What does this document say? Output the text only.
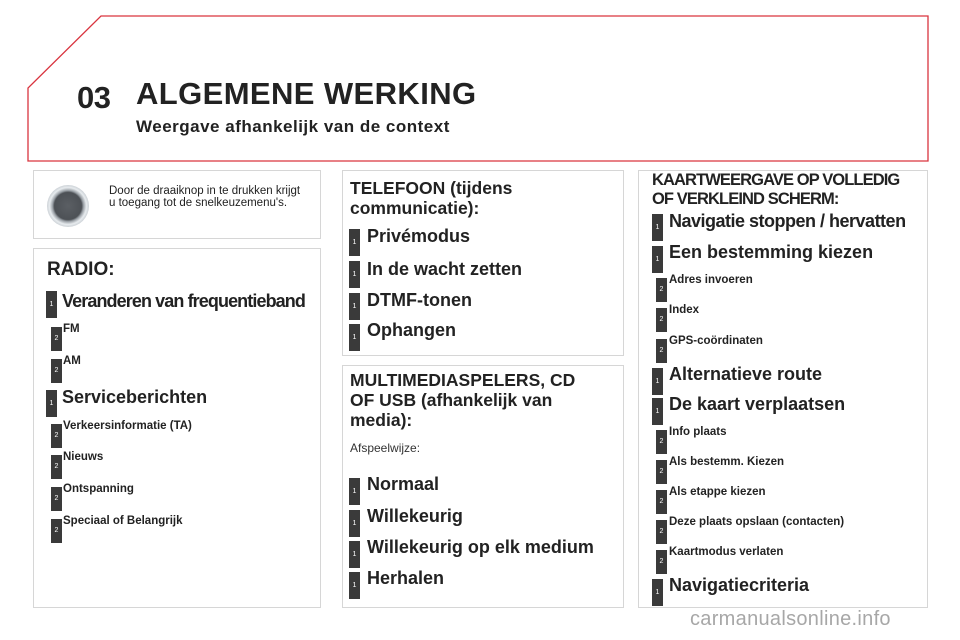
03 ALGEMENE WERKING
Weergave afhankelijk van de context
Door de draaiknop in te drukken krijgt u toegang tot de snelkeuzemenu's.
RADIO:
1 Veranderen van frequentieband
2
FM
2
AM
1 Serviceberichten
2
Verkeersinformatie (TA)
2
Nieuws
2
Ontspanning
2
Speciaal of Belangrijk
TELEFOON (tijdens
communicatie):
1 Privémodus
1 In de wacht zetten
1 DTMF-tonen
1 Ophangen
MULTIMEDIASPELERS, CD
OF USB (afhankelijk van
media):
Afspeelwijze:
1 Normaal
1 Willekeurig
1 Willekeurig op elk medium
1 Herhalen
KAARTWEERGAVE OP VOLLEDIG
OF VERKLEIND SCHERM:
1 Navigatie stoppen / hervatten
1 Een bestemming kiezen
2
Adres invoeren
2
Index
2
GPS-coördinaten
1 Alternatieve route
1 De kaart verplaatsen
2
Info plaats
2
Als bestemm. Kiezen
2
Als etappe kiezen
2
Deze plaats opslaan (contacten)
2
Kaartmodus verlaten
1 Navigatiecriteria
carmanualsonline.info
